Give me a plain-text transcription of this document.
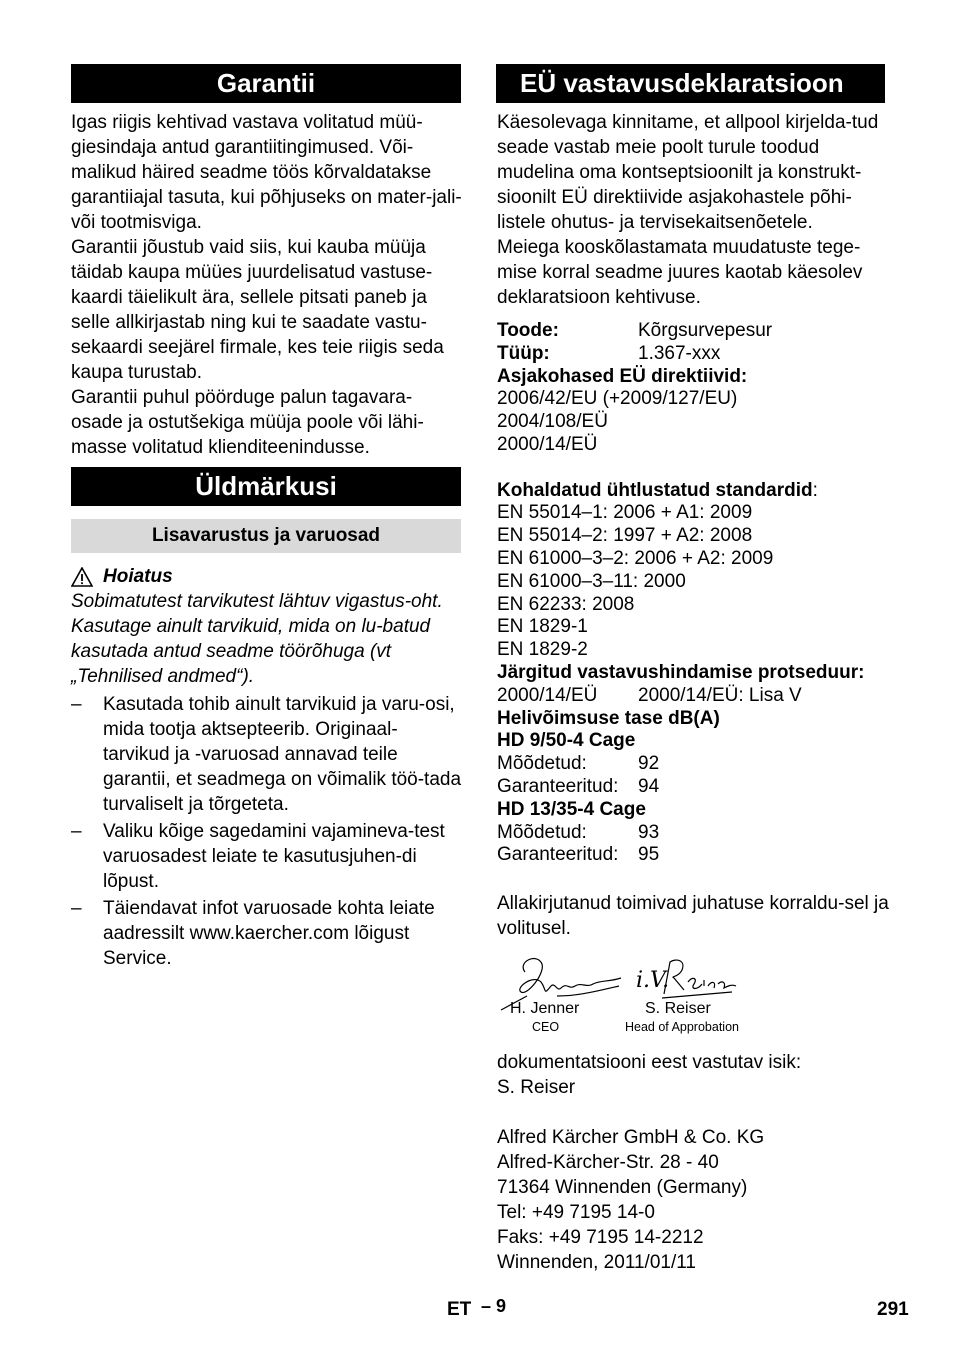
Garantii

Igas riigis kehtivad vastava volitatud müü-giesindaja antud garantiitingimused. Või-malikud häired seadme töös kõrvaldatakse garantiiajal tasuta, kui põhjuseks on mater-jali- või tootmisviga.

Garantii jõustub vaid siis, kui kauba müüja täidab kaupa müües juurdelisatud vastuse-kaardi täielikult ära, sellele pitsati paneb ja selle allkirjastab ning kui te saadate vastu-sekaardi seejärel firmale, kes teie riigis seda kaupa turustab.

Garantii puhul pöörduge palun tagavara-osade ja ostutšekiga müüja poole või lähi-masse volitatud klienditeenindusse.

Üldmärkusi
Lisavarustus ja varuosad
Hoiatus

Sobimatutest tarvikutest lähtuv vigastus-oht. Kasutage ainult tarvikuid, mida on lu-batud kasutada antud seadme töörõhuga (vt „Tehnilised andmed“).

– Kasutada tohib ainult tarvikuid ja varu-osi, mida tootja aktsepteerib. Originaal-tarvikud ja -varuosad annavad teile garantii, et seadmega on võimalik töö-tada turvaliselt ja tõrgeteta.
– Valiku kõige sagedamini vajamineva-test varuosadest leiate te kasutusjuhen-di lõpust.
– Täiendavat infot varuosade kohta leiate aadressilt www.kaercher.com lõigust Service.
EÜ vastavusdeklaratsioon

Käesolevaga kinnitame, et allpool kirjelda-tud seade vastab meie poolt turule toodud mudelina oma kontseptsioonilt ja konstrukt-sioonilt EÜ direktiivide asjakohastele põhi-listele ohutus- ja tervisekaitsenõetele.

Meiega kooskõlastamata muudatuste tege-mise korral seadme juures kaotab käesolev deklaratsioon kehtivuse.

Toode:	Kõrgsurvepesur
Tüüp:	1.367-xxx
Asjakohased EÜ direktiivid:
2006/42/EU (+2009/127/EU)
2004/108/EÜ
2000/14/EÜ
Kohaldatud ühtlustatud standardid :
EN 55014–1: 2006 + A1: 2009
EN 55014–2: 1997 + A2: 2008
EN 61000–3–2: 2006 + A2: 2009
EN 61000–3–11: 2000
EN 62233: 2008
EN 1829-1
EN 1829-2
Järgitud vastavushindamise protseduur:
2000/14/EÜ	2000/14/EÜ: Lisa V
Helivõimsuse tase dB(A)
HD 9/50-4 Cage
Mõõdetud:	92
Garanteeritud:	94
HD 13/35-4 Cage
Mõõdetud:	93
Garanteeritud:	95

Allakirjutanud toimivad juhatuse korraldu-sel ja volitusel.

H. Jenner
CEO
i.V.
S. Reiser
Head of Approbation

dokumentatsiooni eest vastutav isik:

S. Reiser

Alfred Kärcher GmbH & Co. KG

Alfred-Kärcher-Str. 28 - 40

71364 Winnenden (Germany)

Tel: +49 7195 14-0

Faks: +49 7195 14-2212

Winnenden, 2011/01/11

ET – 9	291
